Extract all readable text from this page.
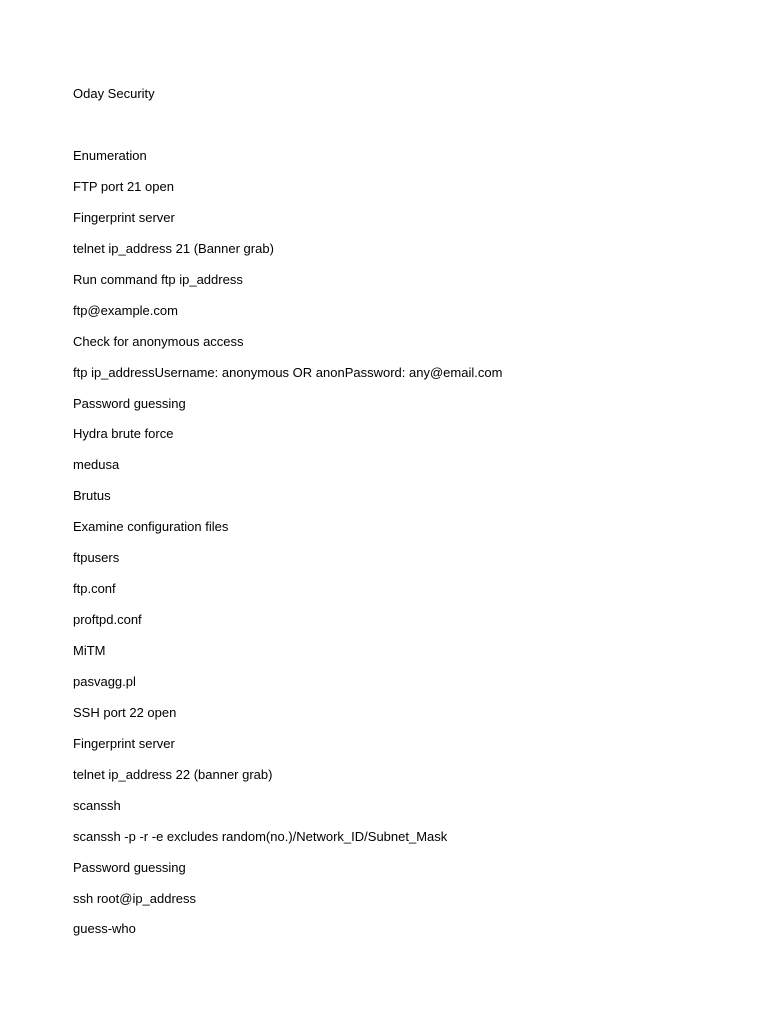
Oday Security
Enumeration
FTP port 21 open
Fingerprint server
telnet ip_address 21 (Banner grab)
Run command ftp ip_address
ftp@example.com
Check for anonymous access
ftp ip_addressUsername: anonymous OR anonPassword: any@email.com
Password guessing
Hydra brute force
medusa
Brutus
Examine configuration files
ftpusers
ftp.conf
proftpd.conf
MiTM
pasvagg.pl
SSH port 22 open
Fingerprint server
telnet ip_address 22 (banner grab)
scanssh
scanssh -p -r -e excludes random(no.)/Network_ID/Subnet_Mask
Password guessing
ssh root@ip_address
guess-who
